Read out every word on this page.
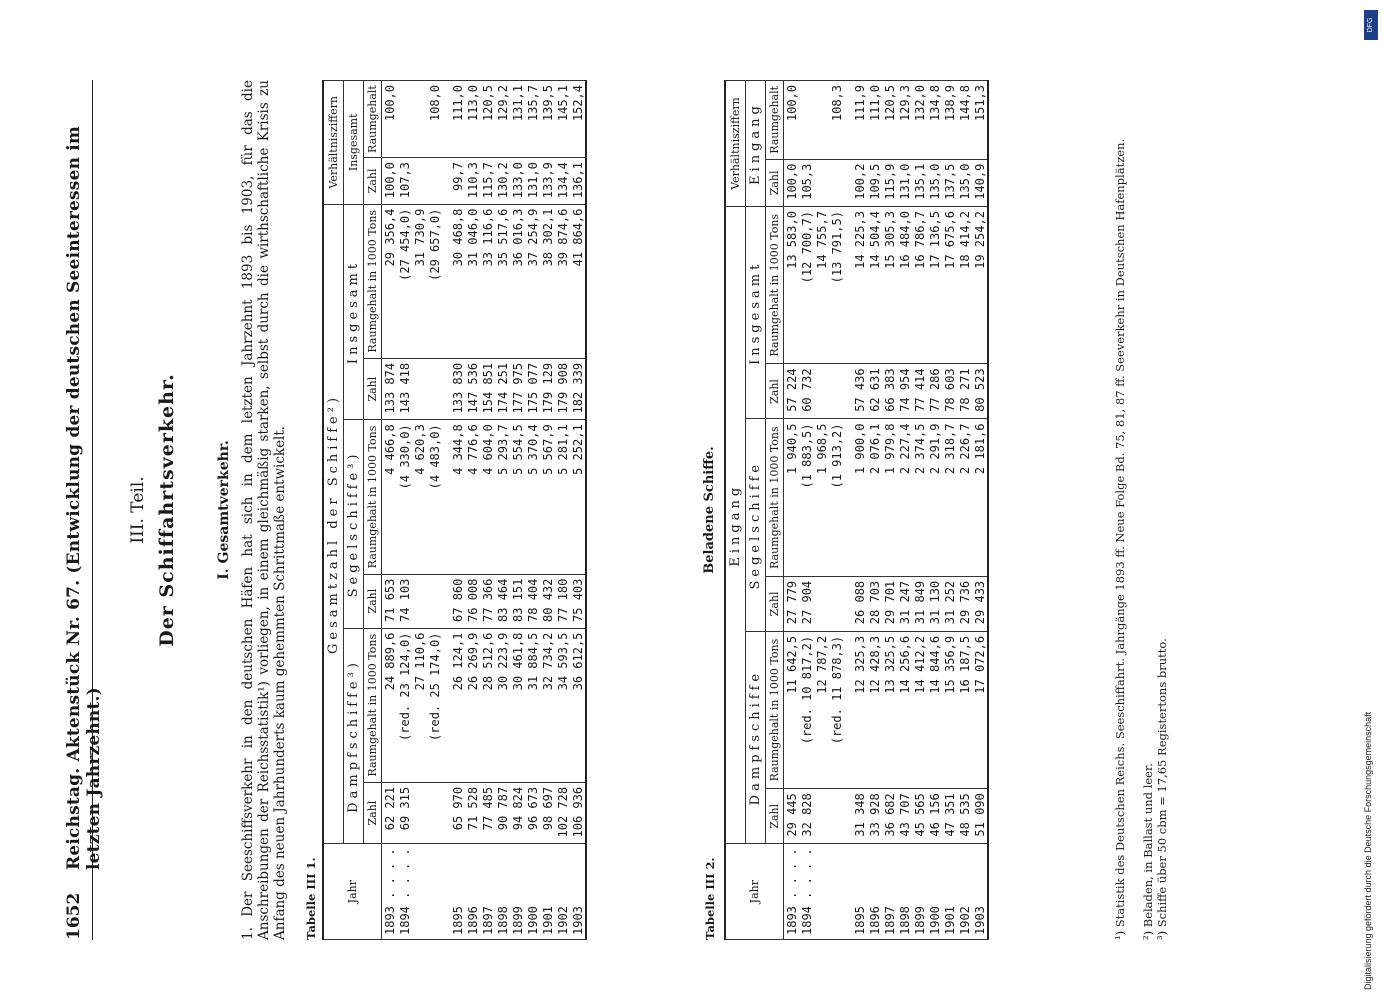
1652
Reichstag. Aktenstück Nr. 67. (Entwicklung der deutschen Seeinteressen im letzten Jahrzehnt.)
III. Teil. Der Schiffahrtsverkehr.	I. Gesamtverkehr. 1. Der Seeschiffsverkehr in den deutschen Häfen hat sich in dem letzten Jahrzehnt 1893 bis 1903, für das die Anschreibungen der Reichsstatistik¹) vorliegen, in einem gleichmäßig starken, selbst durch die wirthschaftliche Krisis zu Anfang des neuen Jahrhunderts kaum gehemmten Schrittmaße entwickelt. Tabelle III 1.	Jahr	Gesamtzahl der Schiffe²)						Verhältnisziffern	
	Dampfschiffe³)		Segelschiffe³)		Insgesamt		Insgesamt	
	Zahl	Raumgehalt in 1000 Tons	Zahl	Raumgehalt in 1000 Tons	Zahl	Raumgehalt in 1000 Tons	Zahl	Raumgehalt
1893 . . . .	62 221	24 889,6	71 653	4 466,8	133 874	29 356,4	100,0	100,0
1894 . . . .	69 315	(red. 23 124,0)	74 103	(4 330,0)	143 418	(27 454,0)	107,3	
		27 110,6		4 620,3		31 730,9		
		(red. 25 174,0)		(4 483,0)		(29 657,0)		108,0

1895	65 970	26 124,1	67 860	4 344,8	133 830	30 468,8	99,7	111,0
1896	71 528	26 269,9	76 008	4 776,6	147 536	31 046,0	110,3	113,0
1897	77 485	28 512,6	77 366	4 604,0	154 851	33 116,6	115,7	120,5
1898	90 787	30 223,9	83 464	5 293,7	174 251	35 517,6	130,2	129,2
1899	94 824	30 461,8	83 151	5 554,5	177 975	36 016,3	133,0	131,1
1900	96 673	31 884,5	78 404	5 370,4	175 077	37 254,9	131,0	135,7
1901	98 697	32 734,2	80 432	5 567,9	179 129	38 302,1	133,9	139,5
1902	102 728	34 593,5	77 180	5 281,1	179 908	39 874,6	134,4	145,1
1903	106 936	36 612,5	75 403	5 252,1	182 339	41 864,6	136,1	152,4
Tabelle III 2.
Beladene Schiffe.
Jahr	Eingang						Verhältnisziffern	
	Dampfschiffe		Segelschiffe		Insgesamt		Eingang	
	Zahl	Raumgehalt in 1000 Tons	Zahl	Raumgehalt in 1000 Tons	Zahl	Raumgehalt in 1000 Tons	Zahl	Raumgehalt
1893 . . . .	29 445	11 642,5	27 779	1 940,5	57 224	13 583,0	100,0	100,0
1894 . . . .	32 828	(red. 10 817,2)	27 904	(1 883,5)	60 732	(12 700,7)	105,3	
		12 787,2		1 968,5		14 755,7		
		(red. 11 878,3)		(1 913,2)		(13 791,5)		108,3

1895	31 348	12 325,3	26 088	1 900,0	57 436	14 225,3	100,2	111,9
1896	33 928	12 428,3	28 703	2 076,1	62 631	14 504,4	109,5	111,0
1897	36 682	13 325,5	29 701	1 979,8	66 383	15 305,3	115,9	120,5
1898	43 707	14 256,6	31 247	2 227,4	74 954	16 484,0	131,0	129,3
1899	45 565	14 412,2	31 849	2 374,5	77 414	16 786,7	135,1	132,0
1900	46 156	14 844,6	31 130	2 291,9	77 286	17 136,5	135,0	134,8
1901	47 351	15 356,9	31 252	2 318,7	78 603	17 675,6	137,5	138,9
1902	48 535	16 187,5	29 736	2 226,7	78 271	18 414,2	135,0	144,8
1903	51 090	17 072,6	29 433	2 181,6	80 523	19 254,2	140,9	151,3
¹) Statistik des Deutschen Reichs. Seeschiffahrt. Jahrgänge 1893 ff. Neue Folge Bd. 75, 81, 87 ff. Seeverkehr in Deutschen Hafenplätzen. ²) Beladen, in Ballast und leer. ³) Schiffe über 50 cbm = 17,65 Registertons brutto.
DFG
Digitalisierung gefördert durch die Deutsche Forschungsgemeinschaft
